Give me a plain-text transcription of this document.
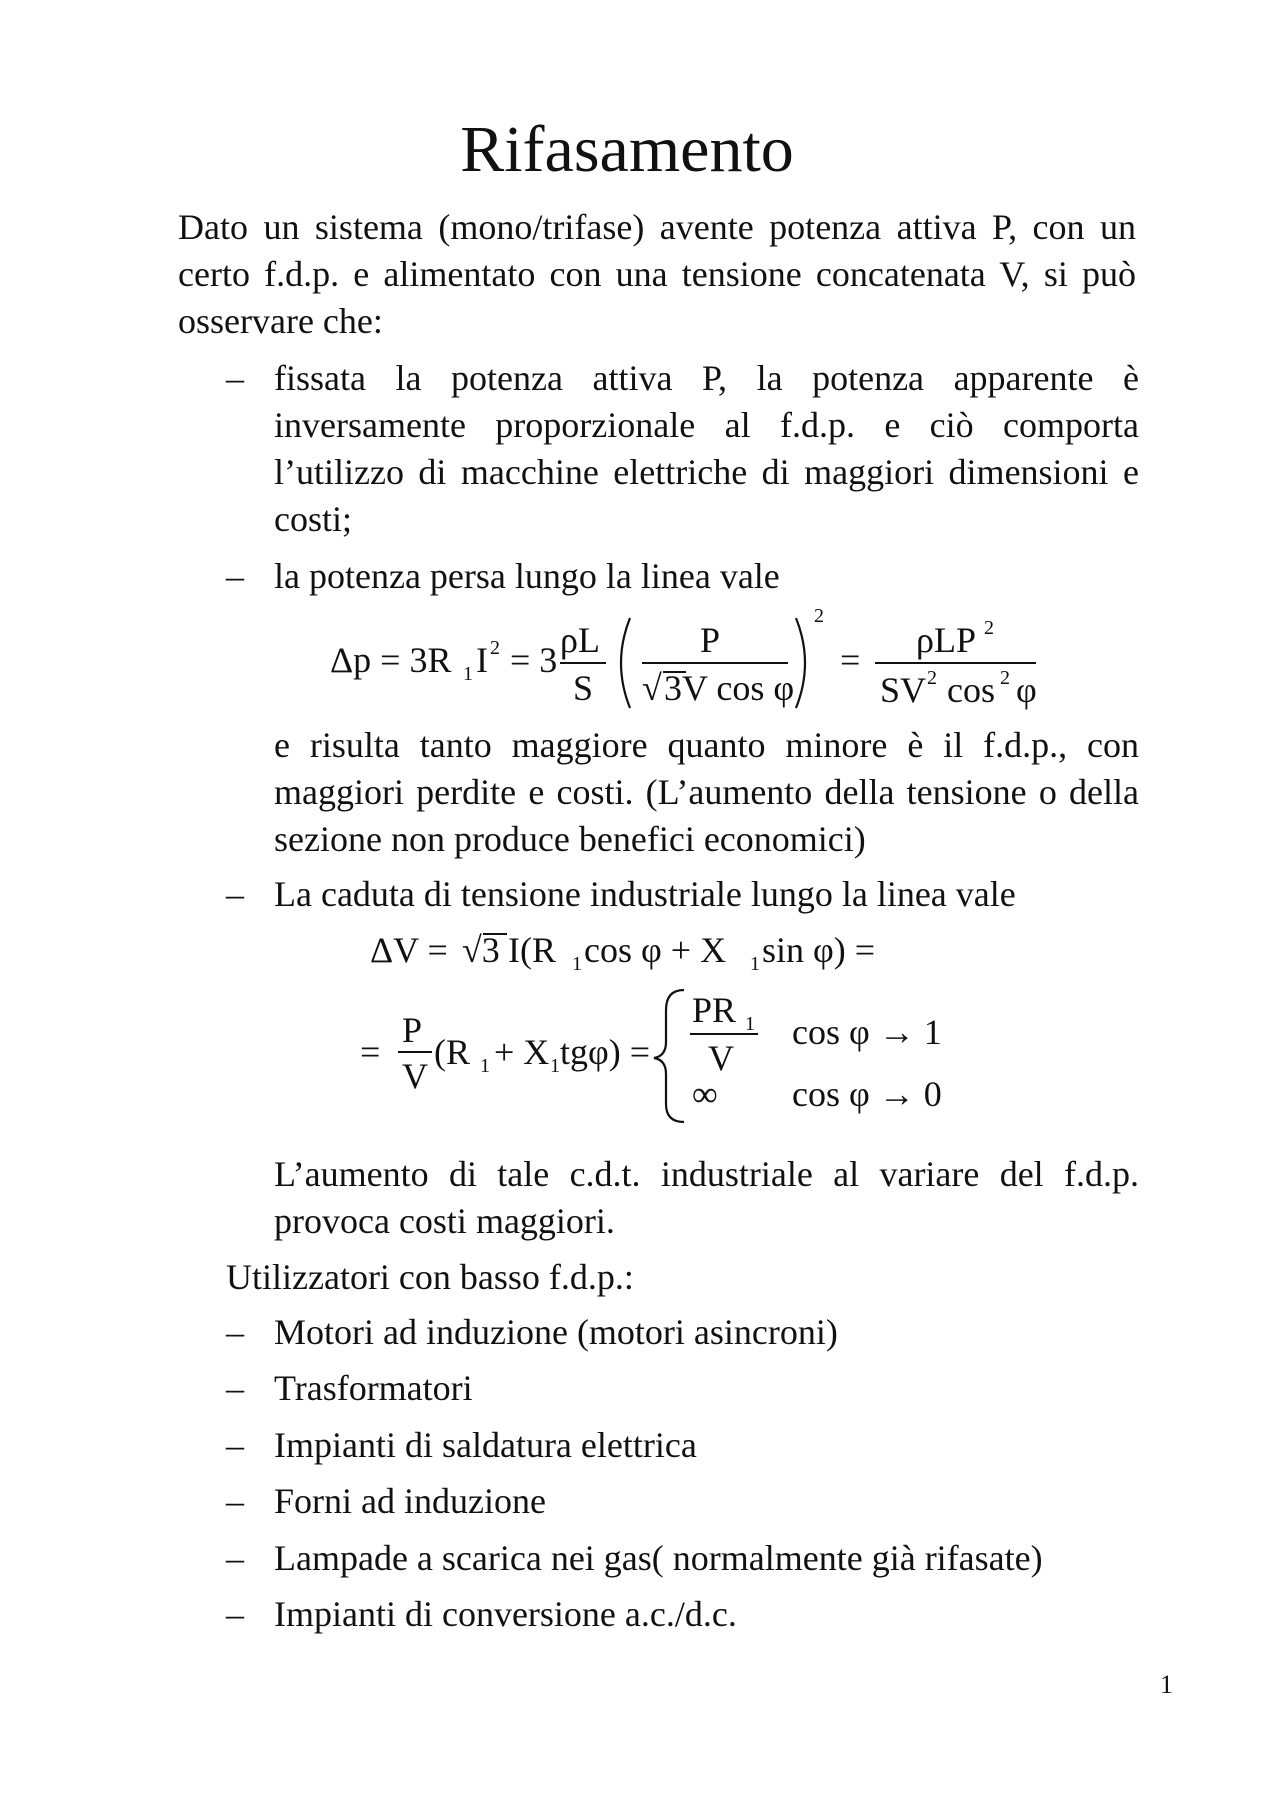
Rifasamento

Dato un sistema (mono/trifase) avente potenza attiva P, con un certo f.d.p. e alimentato con una tensione concatenata V, si può osservare che:

– fissata la potenza attiva P, la potenza apparente è inversamente proporzionale al f.d.p. e ciò comporta l’utilizzo di macchine elettriche di maggiori dimensioni e costi;
– la potenza persa lungo la linea vale
Δp = 3R 1 I 2 = 3 ρL
S
P
√ 3V cos φ
2
= ρLP 2
SV 2 cos 2 φ

e risulta tanto maggiore quanto minore è il f.d.p., con maggiori perdite e costi. (L’aumento della tensione o della sezione non produce benefici economici)

– La caduta di tensione industriale lungo la linea vale
ΔV = √3 I(R 1 cos φ + X 1 sin φ) =
=
P
V
(R 1 + X 1 tgφ) =
PR 1
V
cos φ → 1
∞ cos φ → 0

L’aumento di tale c.d.t. industriale al variare del f.d.p. provoca costi maggiori.

Utilizzatori con basso f.d.p.:

– Motori ad induzione (motori asincroni)
– Trasformatori
– Impianti di saldatura elettrica
– Forni ad induzione
– Lampade a scarica nei gas( normalmente già rifasate)
– Impianti di conversione a.c./d.c.
1
